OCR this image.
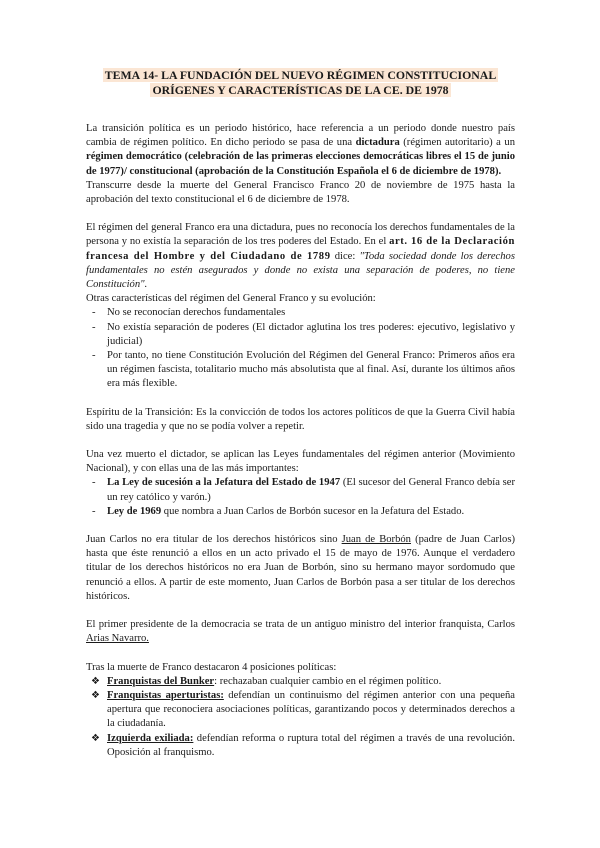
TEMA 14- LA FUNDACIÓN DEL NUEVO RÉGIMEN CONSTITUCIONAL
ORÍGENES Y CARACTERÍSTICAS DE LA CE. DE 1978

La transición política es un periodo histórico, hace referencia a un periodo donde nuestro país cambia de régimen político. En dicho periodo se pasa de una dictadura (régimen autoritario) a un régimen democrático (celebración de las primeras elecciones democráticas libres el 15 de junio de 1977)/ constitucional (aprobación de la Constitución Española el 6 de diciembre de 1978).

Transcurre desde la muerte del General Francisco Franco 20 de noviembre de 1975 hasta la aprobación del texto constitucional el 6 de diciembre de 1978.

El régimen del general Franco era una dictadura, pues no reconocía los derechos fundamentales de la persona y no existía la separación de los tres poderes del Estado. En el art. 16 de la Declaración francesa del Hombre y del Ciudadano de 1789 dice: "Toda sociedad donde los derechos fundamentales no estén asegurados y donde no exista una separación de poderes, no tiene Constitución".

Otras características del régimen del General Franco y su evolución:

- No se reconocían derechos fundamentales
- No existía separación de poderes (El dictador aglutina los tres poderes: ejecutivo, legislativo y judicial)
- Por tanto, no tiene Constitución Evolución del Régimen del General Franco: Primeros años era un régimen fascista, totalitario mucho más absolutista que al final. Así, durante los últimos años era más flexible.

Espíritu de la Transición: Es la convicción de todos los actores políticos de que la Guerra Civil había sido una tragedia y que no se podía volver a repetir.

Una vez muerto el dictador, se aplican las Leyes fundamentales del régimen anterior (Movimiento Nacional), y con ellas una de las más importantes:

- La Ley de sucesión a la Jefatura del Estado de 1947 (El sucesor del General Franco debía ser un rey católico y varón.)
- Ley de 1969 que nombra a Juan Carlos de Borbón sucesor en la Jefatura del Estado.

Juan Carlos no era titular de los derechos históricos sino Juan de Borbón (padre de Juan Carlos) hasta que éste renunció a ellos en un acto privado el 15 de mayo de 1976. Aunque el verdadero titular de los derechos históricos no era Juan de Borbón, sino su hermano mayor sordomudo que renunció a ellos. A partir de este momento, Juan Carlos de Borbón pasa a ser titular de los derechos históricos.

El primer presidente de la democracia se trata de un antiguo ministro del interior franquista, Carlos Arias Navarro.

Tras la muerte de Franco destacaron 4 posiciones políticas:

❖ Franquistas del Bunker: rechazaban cualquier cambio en el régimen político.
❖ Franquistas aperturistas: defendían un continuismo del régimen anterior con una pequeña apertura que reconociera asociaciones políticas, garantizando pocos y determinados derechos a la ciudadanía.
❖ Izquierda exiliada: defendían reforma o ruptura total del régimen a través de una revolución. Oposición al franquismo.
